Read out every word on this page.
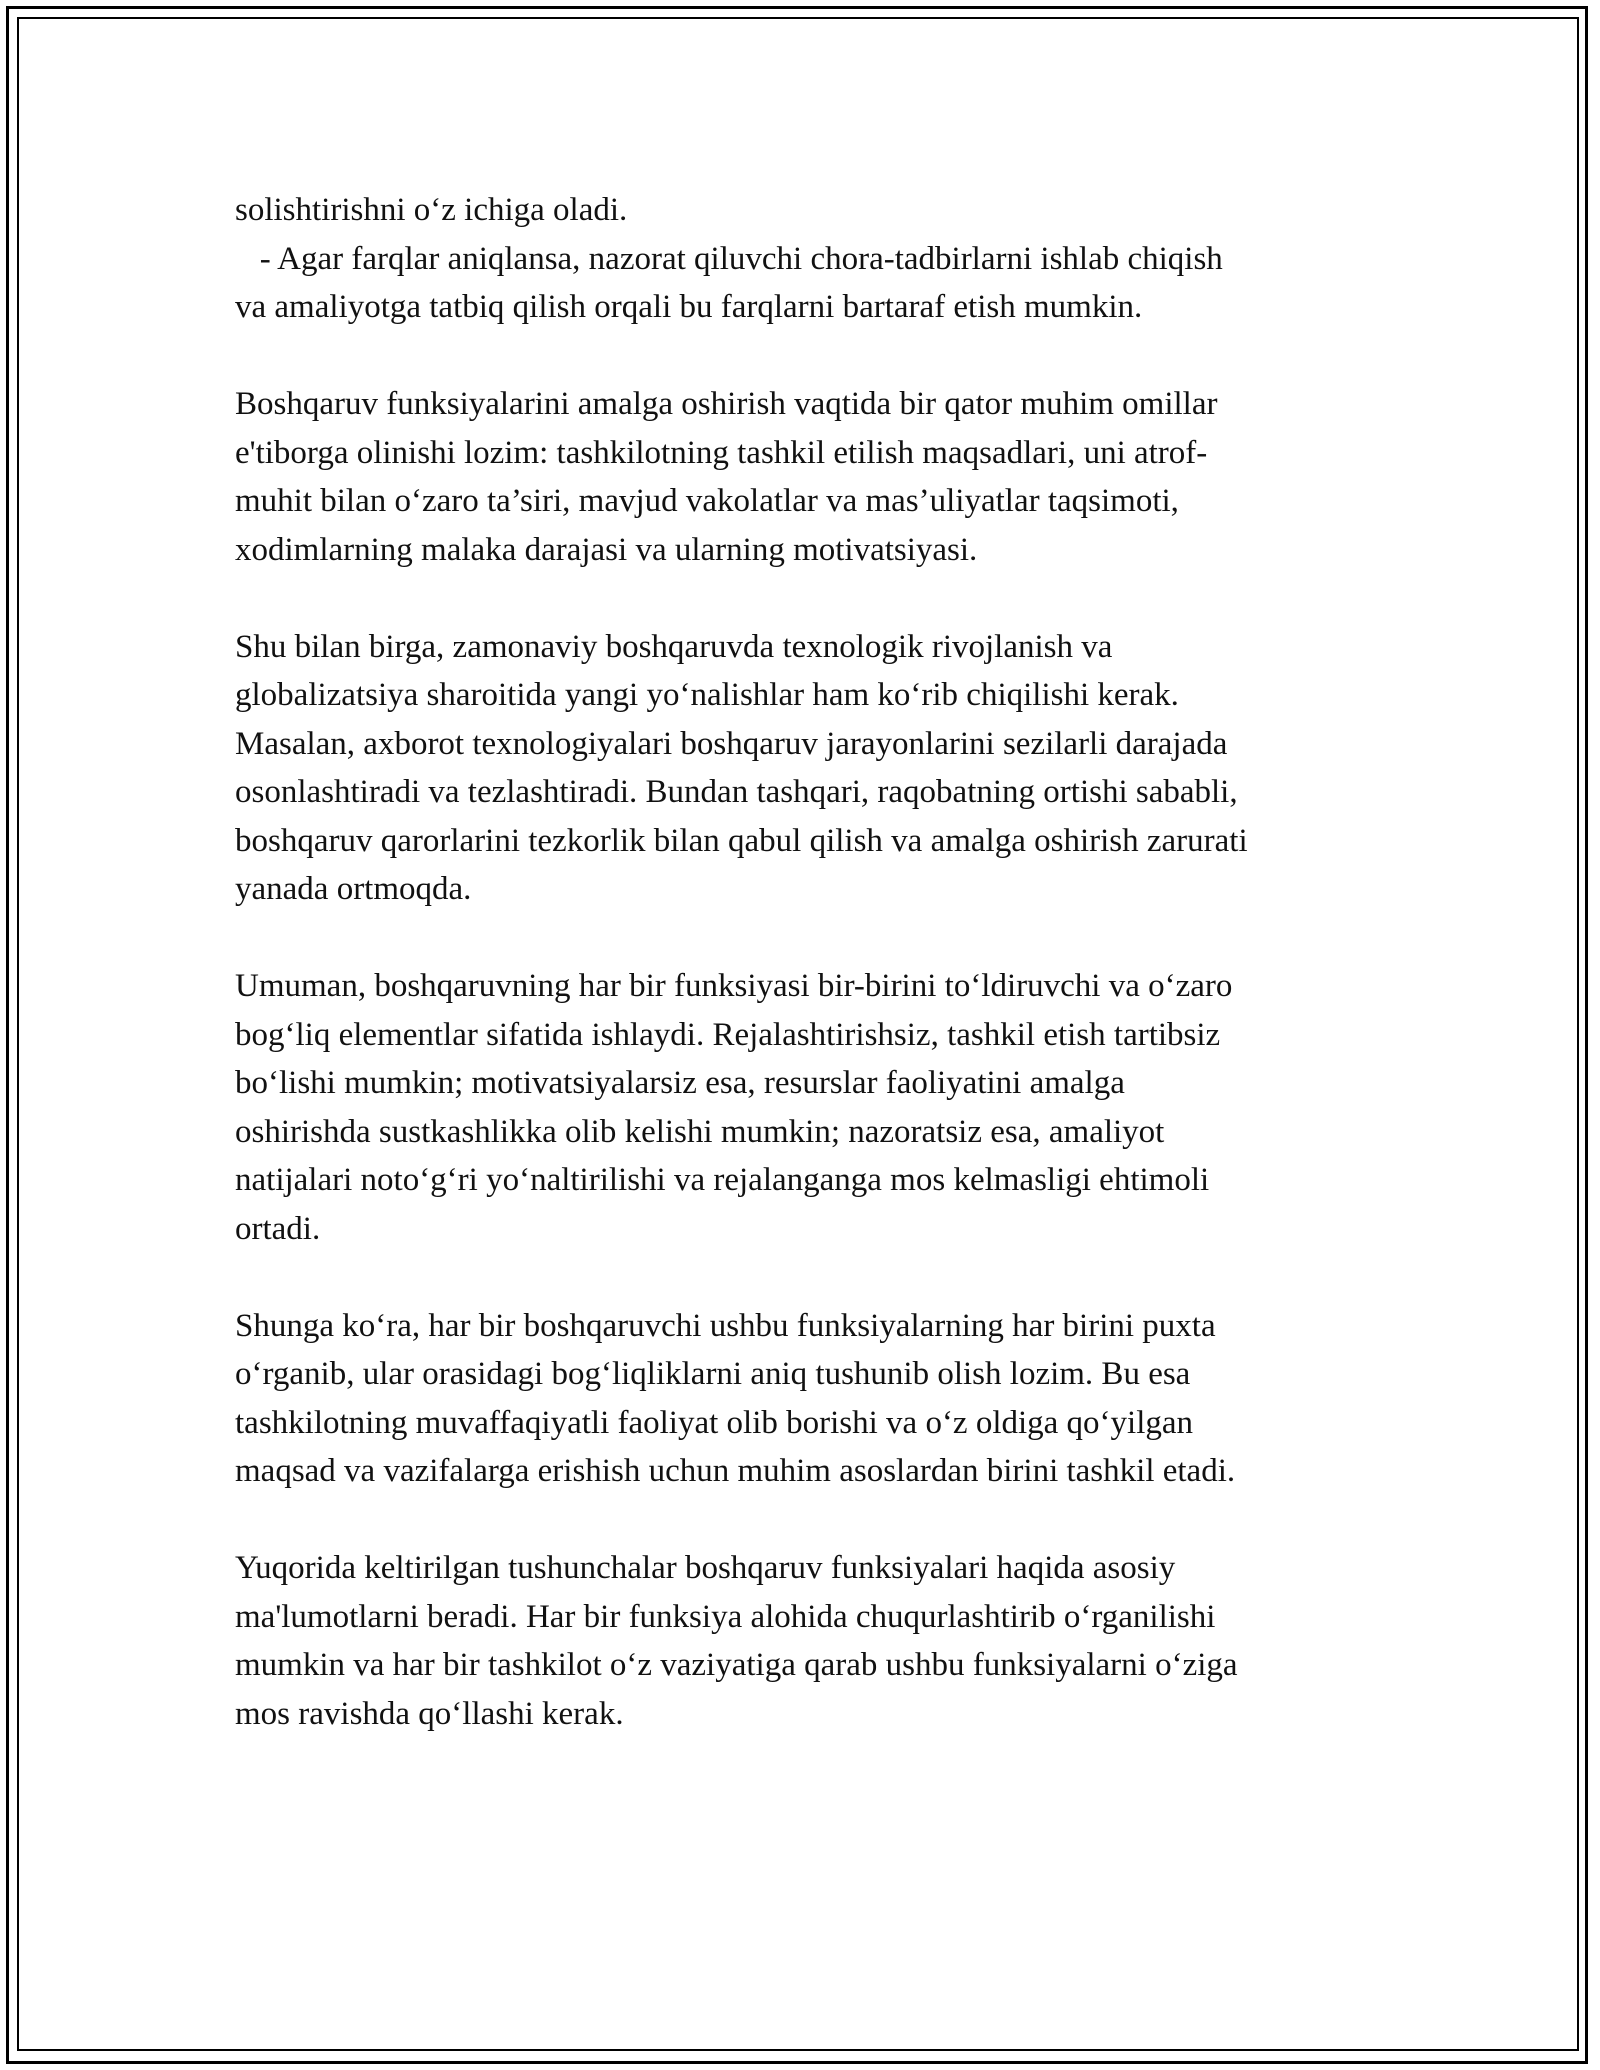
solishtirishni o‘z ichiga oladi.
- Agar farqlar aniqlansa, nazorat qiluvchi chora-tadbirlarni ishlab chiqish
va amaliyotga tatbiq qilish orqali bu farqlarni bartaraf etish mumkin.
Boshqaruv funksiyalarini amalga oshirish vaqtida bir qator muhim omillar
e'tiborga olinishi lozim: tashkilotning tashkil etilish maqsadlari, uni atrof-
muhit bilan o‘zaro ta’siri, mavjud vakolatlar va mas’uliyatlar taqsimoti,
xodimlarning malaka darajasi va ularning motivatsiyasi.
Shu bilan birga, zamonaviy boshqaruvda texnologik rivojlanish va
globalizatsiya sharoitida yangi yo‘nalishlar ham ko‘rib chiqilishi kerak.
Masalan, axborot texnologiyalari boshqaruv jarayonlarini sezilarli darajada
osonlashtiradi va tezlashtiradi. Bundan tashqari, raqobatning ortishi sababli,
boshqaruv qarorlarini tezkorlik bilan qabul qilish va amalga oshirish zarurati
yanada ortmoqda.
Umuman, boshqaruvning har bir funksiyasi bir-birini to‘ldiruvchi va o‘zaro
bog‘liq elementlar sifatida ishlaydi. Rejalashtirishsiz, tashkil etish tartibsiz
bo‘lishi mumkin; motivatsiyalarsiz esa, resurslar faoliyatini amalga
oshirishda sustkashlikka olib kelishi mumkin; nazoratsiz esa, amaliyot
natijalari noto‘g‘ri yo‘naltirilishi va rejalanganga mos kelmasligi ehtimoli
ortadi.
Shunga ko‘ra, har bir boshqaruvchi ushbu funksiyalarning har birini puxta
o‘rganib, ular orasidagi bog‘liqliklarni aniq tushunib olish lozim. Bu esa
tashkilotning muvaffaqiyatli faoliyat olib borishi va o‘z oldiga qo‘yilgan
maqsad va vazifalarga erishish uchun muhim asoslardan birini tashkil etadi.
Yuqorida keltirilgan tushunchalar boshqaruv funksiyalari haqida asosiy
ma'lumotlarni beradi. Har bir funksiya alohida chuqurlashtirib o‘rganilishi
mumkin va har bir tashkilot o‘z vaziyatiga qarab ushbu funksiyalarni o‘ziga
mos ravishda qo‘llashi kerak.
